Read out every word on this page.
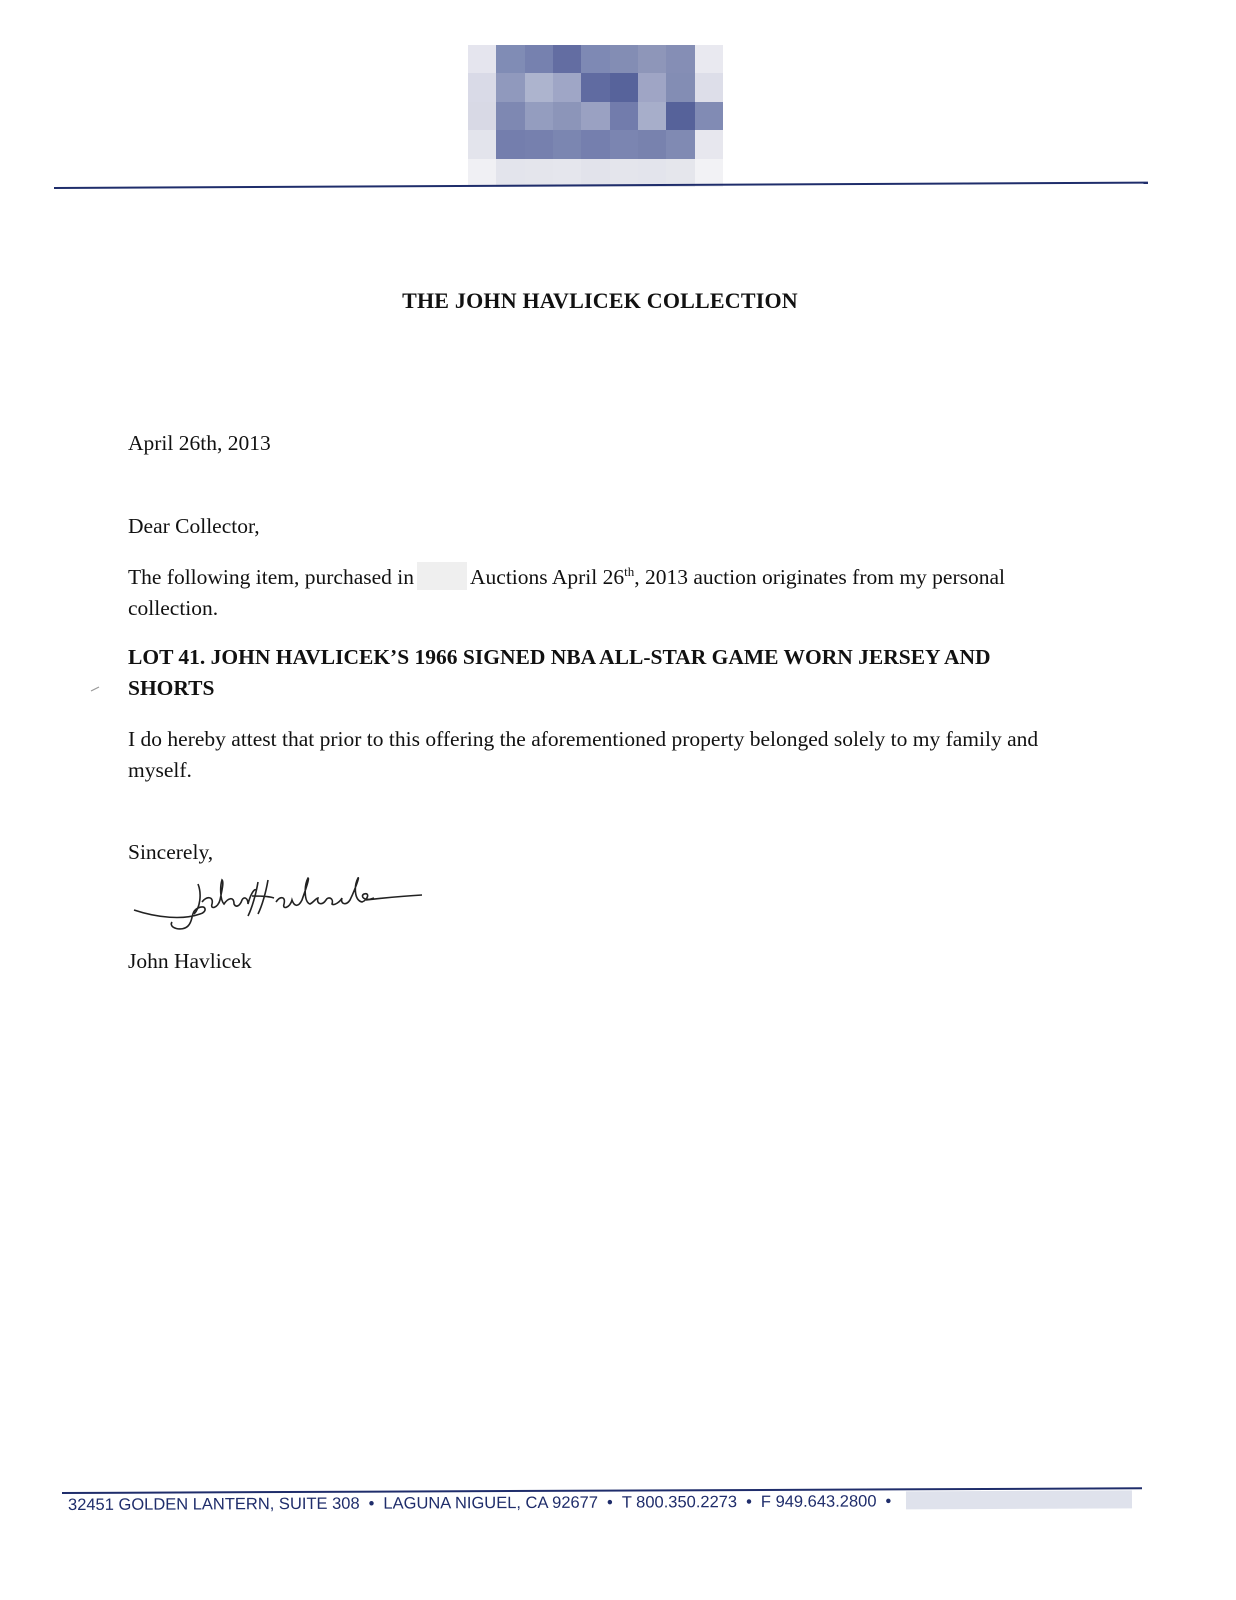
THE JOHN HAVLICEK COLLECTION

April 26th, 2013

Dear Collector,

The following item, purchased in	Auctions April 26th, 2013 auction originates from my personal collection.

LOT 41. JOHN HAVLICEK’S 1966 SIGNED NBA ALL-STAR GAME WORN JERSEY AND SHORTS

I do hereby attest that prior to this offering the aforementioned property belonged solely to my family and myself.

Sincerely,

John Havlicek

32451 GOLDEN LANTERN, SUITE 308 • LAGUNA NIGUEL, CA 92677 • T 800.350.2273 • F 949.643.2800 •
